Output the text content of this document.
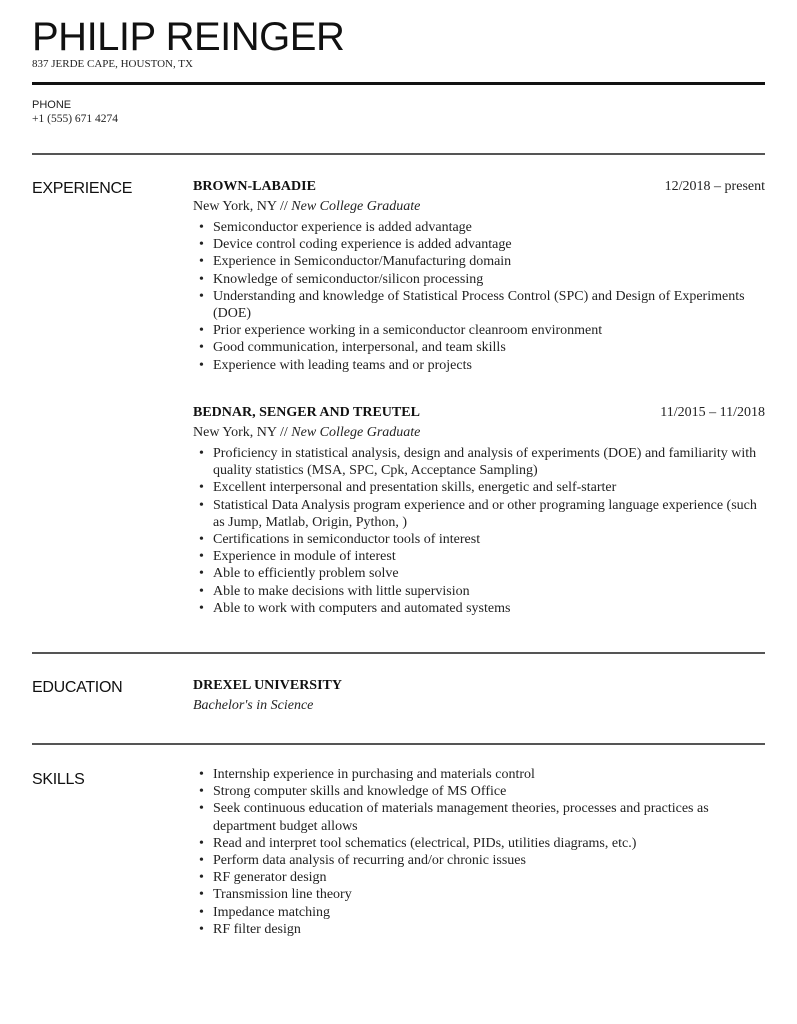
PHILIP REINGER
837 JERDE CAPE, HOUSTON, TX
PHONE
+1 (555) 671 4274
EXPERIENCE	BROWN-LABADIE	12/2018 – present
New York, NY // New College Graduate
• Semiconductor experience is added advantage
• Device control coding experience is added advantage
• Experience in Semiconductor/Manufacturing domain
• Knowledge of semiconductor/silicon processing
• Understanding and knowledge of Statistical Process Control (SPC) and Design of Experiments (DOE)
• Prior experience working in a semiconductor cleanroom environment
• Good communication, interpersonal, and team skills
• Experience with leading teams and or projects
BEDNAR, SENGER AND TREUTEL	11/2015 – 11/2018
New York, NY // New College Graduate
• Proficiency in statistical analysis, design and analysis of experiments (DOE) and familiarity with quality statistics (MSA, SPC, Cpk, Acceptance Sampling)
• Excellent interpersonal and presentation skills, energetic and self-starter
• Statistical Data Analysis program experience and or other programing language experience (such as Jump, Matlab, Origin, Python, )
• Certifications in semiconductor tools of interest
• Experience in module of interest
• Able to efficiently problem solve
• Able to make decisions with little supervision
• Able to work with computers and automated systems
EDUCATION	DREXEL UNIVERSITY
Bachelor's in Science
SKILLS	• Internship experience in purchasing and materials control
• Strong computer skills and knowledge of MS Office
• Seek continuous education of materials management theories, processes and practices as department budget allows
• Read and interpret tool schematics (electrical, PIDs, utilities diagrams, etc.)
• Perform data analysis of recurring and/or chronic issues
• RF generator design
• Transmission line theory
• Impedance matching
• RF filter design
